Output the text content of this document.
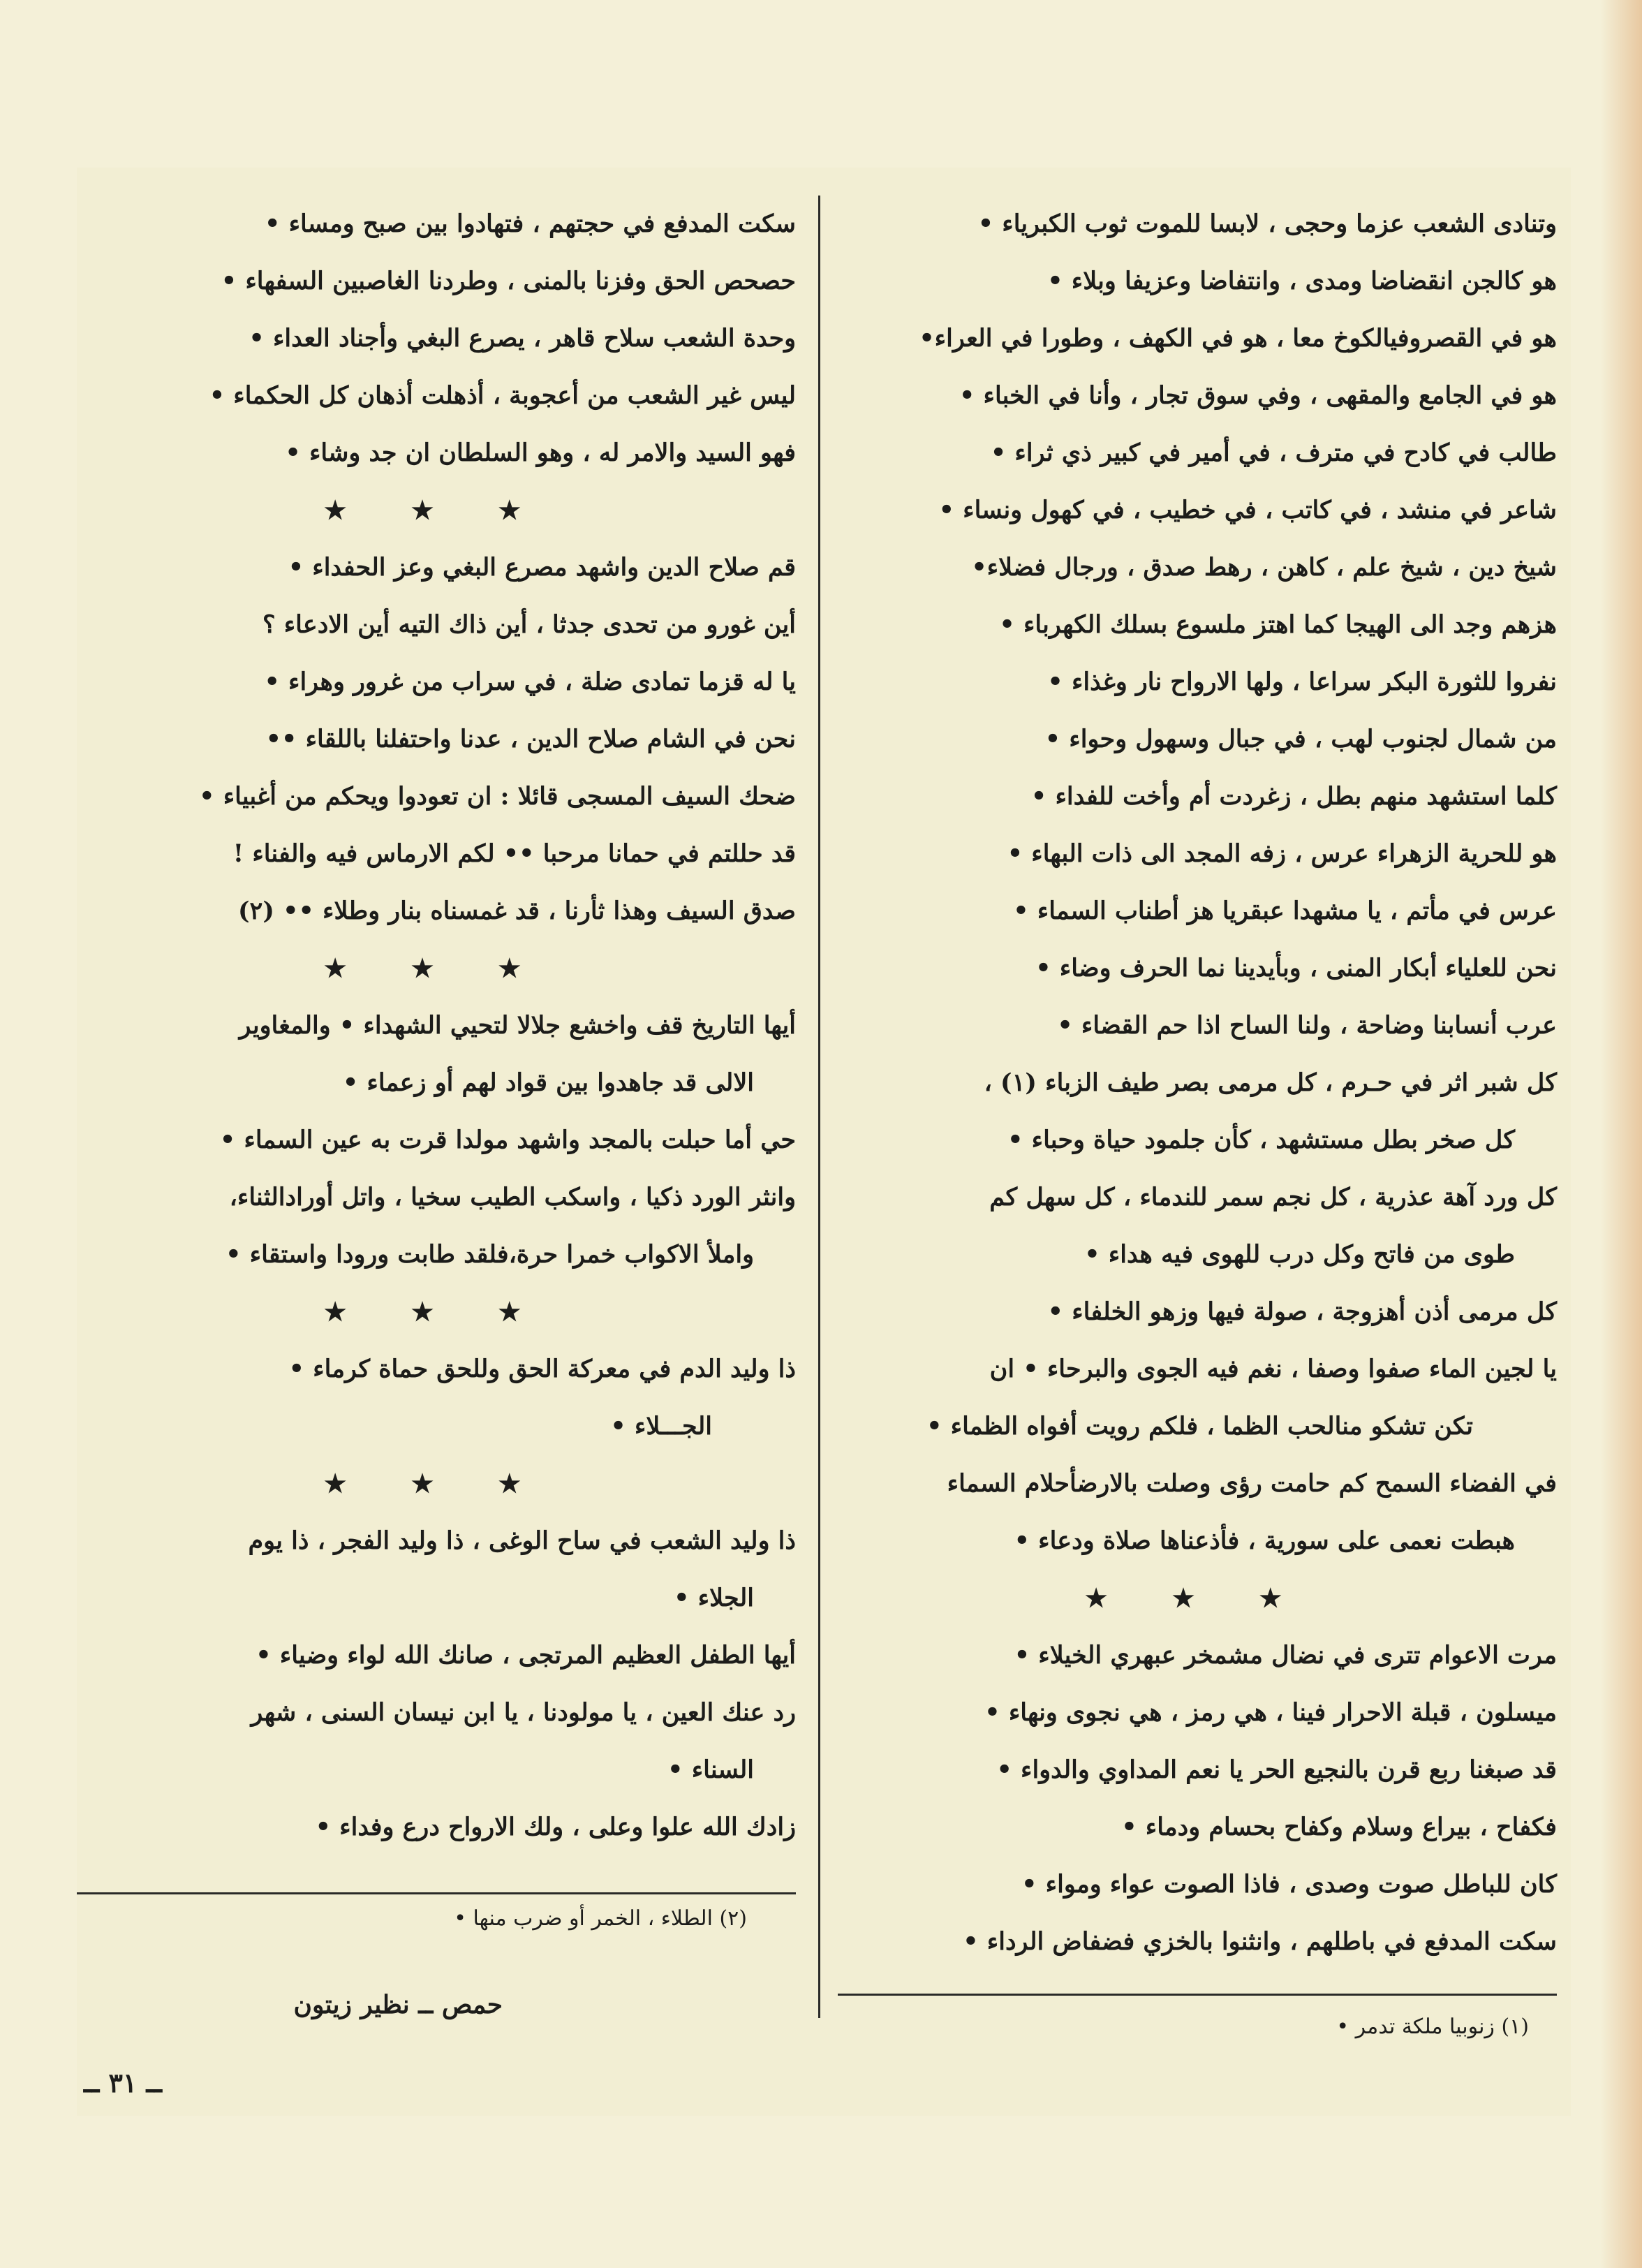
وتنادى الشعب عزما وحجى ، لابسا للموت ثوب الكبرياء •

هو كالجن انقضاضا ومدى ، وانتفاضا وعزيفا وبلاء •

هو في القصروفيالكوخ معا ، هو في الكهف ، وطورا في العراء•

هو في الجامع والمقهى ، وفي سوق تجار ، وأنا في الخباء •

طالب في كادح في مترف ، في أمير في كبير ذي ثراء •

شاعر في منشد ، في كاتب ، في خطيب ، في كهول ونساء •

شيخ دين ، شيخ علم ، كاهن ، رهط صدق ، ورجال فضلاء•

هزهم وجد الى الهيجا كما اهتز ملسوع بسلك الكهرباء •

نفروا للثورة البكر سراعا ، ولها الارواح نار وغذاء •

من شمال لجنوب لهب ، في جبال وسهول وحواء •

كلما استشهد منهم بطل ، زغردت أم وأخت للفداء •

هو للحرية الزهراء عرس ، زفه المجد الى ذات البهاء •

عرس في مأتم ، يا مشهدا عبقريا هز أطناب السماء •

نحن للعلياء أبكار المنى ، وبأيدينا نما الحرف وضاء •

عرب أنسابنا وضاحة ، ولنا الساح اذا حم القضاء •

كل شبر اثر في حـرم ، كل مرمى بصر طيف الزباء (١) ،

كل صخر بطل مستشهد ، كأن جلمود حياة وحباء •

كل ورد آهة عذرية ، كل نجم سمر للندماء ، كل سهل كم

طوى من فاتح وكل درب للهوى فيه هداء •

كل مرمى أذن أهزوجة ، صولة فيها وزهو الخلفاء •

يا لجين الماء صفوا وصفا ، نغم فيه الجوى والبرحاء • ان

تكن تشكو منالحب الظما ، فلكم رويت أفواه الظماء •

في الفضاء السمح كم حامت رؤى وصلت بالارضأحلام السماء

هبطت نعمى على سورية ، فأذعناها صلاة ودعاء •

★ ★ ★

مرت الاعوام تترى في نضال مشمخر عبهري الخيلاء •

ميسلون ، قبلة الاحرار فينا ، هي رمز ، هي نجوى ونهاء •

قد صبغنا ربع قرن بالنجيع الحر يا نعم المداوي والدواء •

فكفاح ، بيراع وسلام وكفاح بحسام ودماء •

كان للباطل صوت وصدى ، فاذا الصوت عواء ومواء •

سكت المدفع في باطلهم ، وانثنوا بالخزي فضفاض الرداء •

سكت المدفع في حجتهم ، فتهادوا بين صبح ومساء •

حصحص الحق وفزنا بالمنى ، وطردنا الغاصبين السفهاء •

وحدة الشعب سلاح قاهر ، يصرع البغي وأجناد العداء •

ليس غير الشعب من أعجوبة ، أذهلت أذهان كل الحكماء •

فهو السيد والامر له ، وهو السلطان ان جد وشاء •

★ ★ ★

قم صلاح الدين واشهد مصرع البغي وعز الحفداء •

أين غورو من تحدى جدثا ، أين ذاك التيه أين الادعاء ؟

يا له قزما تمادى ضلة ، في سراب من غرور وهراء •

نحن في الشام صلاح الدين ، عدنا واحتفلنا باللقاء ••

ضحك السيف المسجى قائلا : ان تعودوا ويحكم من أغبياء •

قد حللتم في حمانا مرحبا •• لكم الارماس فيه والفناء !

صدق السيف وهذا ثأرنا ، قد غمسناه بنار وطلاء •• (٢)

★ ★ ★

أيها التاريخ قف واخشع جلالا لتحيي الشهداء • والمغاوير

الالى قد جاهدوا بين قواد لهم أو زعماء •

حي أما حبلت بالمجد واشهد مولدا قرت به عين السماء •

وانثر الورد ذكيا ، واسكب الطيب سخيا ، واتل أورادالثناء،

واملأ الاكواب خمرا حرة،فلقد طابت ورودا واستقاء •

★ ★ ★

ذا وليد الدم في معركة الحق وللحق حماة كرماء •

الجـــلاء •

★ ★ ★

ذا وليد الشعب في ساح الوغى ، ذا وليد الفجر ، ذا يوم

الجلاء •

أيها الطفل العظيم المرتجى ، صانك الله لواء وضياء •

رد عنك العين ، يا مولودنا ، يا ابن نيسان السنى ، شهر

السناء •

زادك الله علوا وعلى ، ولك الارواح درع وفداء •

(١) زنوبيا ملكة تدمر •
(٢) الطلاء ، الخمر أو ضرب منها •
حمص ــ نظير زيتون
ــ ٣١ ــ
